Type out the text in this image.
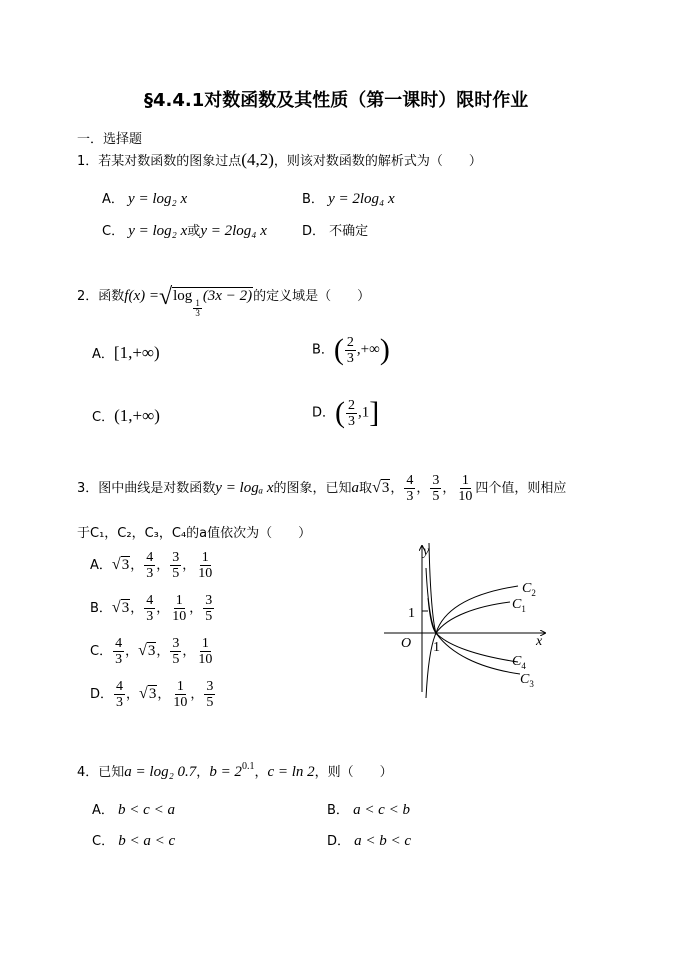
§4.4.1对数函数及其性质（第一课时）限时作业
一．选择题
1．若某对数函数的图象过点(4,2)，则该对数函数的解析式为（　　）
A． y = log₂ x	B． y = 2log₄ x
C． y = log₂ x或y = 2log₄ x	D． 不确定
2．函数f(x) =√log
$\frac{1}{3}$
(3x − 2)的定义域是（　　）
A．[1,+∞)	B．( $\frac{2}{3}$ ,+∞)
C．(1,+∞)	D．( $\frac{2}{3} ,1$]
3．图中曲线是对数函数y = logₐ x的图象，已知a取√3， $\frac{4}{3}$ ， $\frac{3}{5}$ ， $\frac{1}{10}$ 四个值，则相应
于C₁，C₂，C₃，C₄的a值依次为（　　）
A．√3， $\frac{4}{3}$ ， $\frac{3}{5}$ ， $\frac{1}{10}$
B．√3， $\frac{4}{3}$ ， $\frac{1}{10}$ ， $\frac{3}{5}$
C． $\frac{4}{3}$ ，√3， $\frac{3}{5}$ ， $\frac{1}{10}$
D． $\frac{4}{3}$ ，√3， $\frac{1}{10}$ ， $\frac{3}{5}$
y
x
O
1
1
$C_2$
$C_1$
$C_4$
$C_3$
4．已知a = log₂ 0.7，$b = 2^{0.1}$，c = ln 2，则（　　）
A． b < c < a	B． a < c < b
C． b < a < c	D． a < b < c
